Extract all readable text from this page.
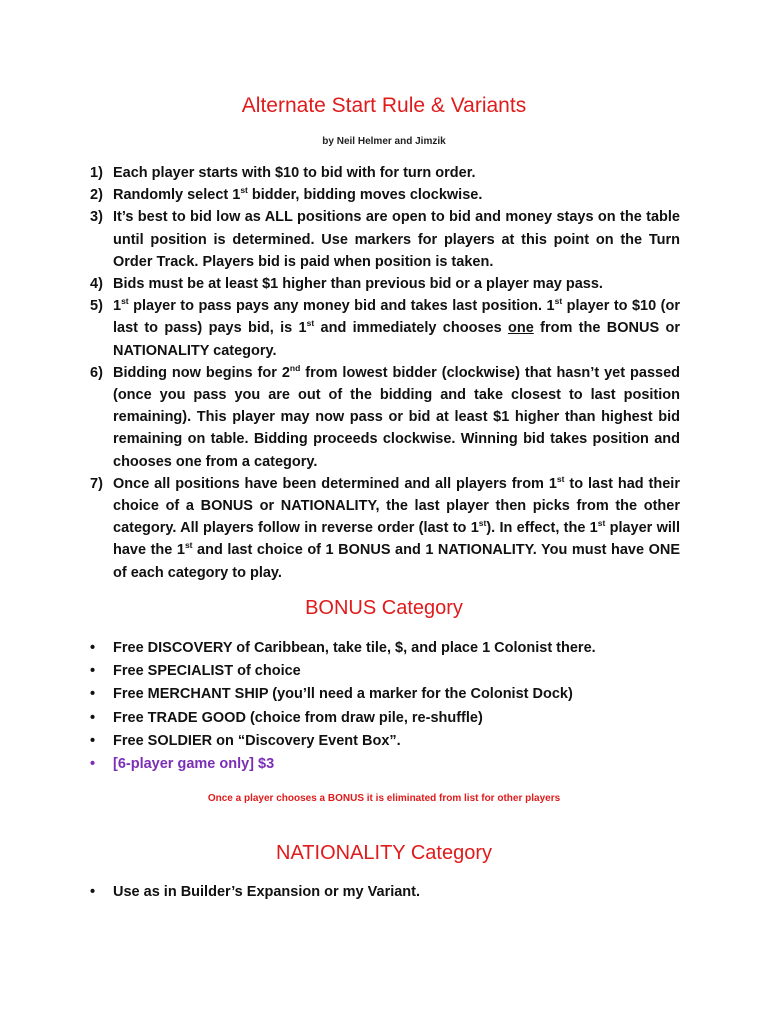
Alternate Start Rule & Variants
by Neil Helmer and Jimzik
1) Each player starts with $10 to bid with for turn order.
2) Randomly select 1st bidder, bidding moves clockwise.
3) It’s best to bid low as ALL positions are open to bid and money stays on the table until position is determined. Use markers for players at this point on the Turn Order Track. Players bid is paid when position is taken.
4) Bids must be at least $1 higher than previous bid or a player may pass.
5) 1st player to pass pays any money bid and takes last position. 1st player to $10 (or last to pass) pays bid, is 1st and immediately chooses one from the BONUS or NATIONALITY category.
6) Bidding now begins for 2nd from lowest bidder (clockwise) that hasn’t yet passed (once you pass you are out of the bidding and take closest to last position remaining). This player may now pass or bid at least $1 higher than highest bid remaining on table. Bidding proceeds clockwise. Winning bid takes position and chooses one from a category.
7) Once all positions have been determined and all players from 1st to last had their choice of a BONUS or NATIONALITY, the last player then picks from the other category. All players follow in reverse order (last to 1st). In effect, the 1st player will have the 1st and last choice of 1 BONUS and 1 NATIONALITY. You must have ONE of each category to play.
BONUS Category
•	Free DISCOVERY of Caribbean, take tile, $, and place 1 Colonist there.
•	Free SPECIALIST of choice
•	Free MERCHANT SHIP (you’ll need a marker for the Colonist Dock)
•	Free TRADE GOOD (choice from draw pile, re-shuffle)
•	Free SOLDIER on “Discovery Event Box”.
•	[6-player game only] $3
Once a player chooses a BONUS it is eliminated from list for other players
NATIONALITY Category
•	Use as in Builder’s Expansion or my Variant.
